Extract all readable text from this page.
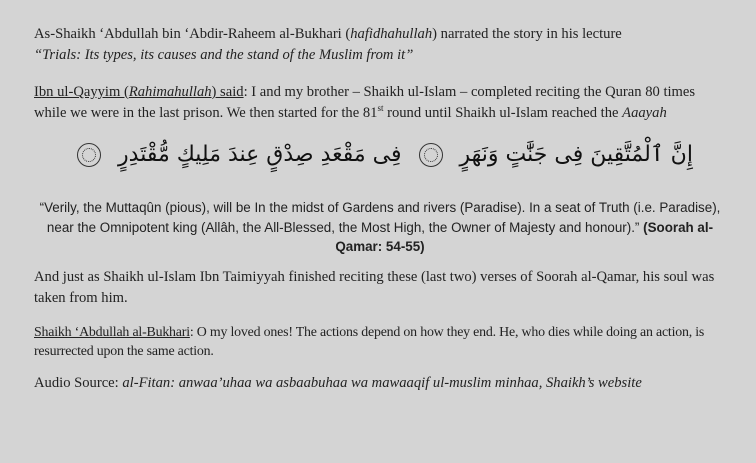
As-Shaikh ‘Abdullah bin ‘Abdir-Raheem al-Bukhari (hafidhahullah) narrated the story in his lecture
“Trials: Its types, its causes and the stand of the Muslim from it”

Ibn ul-Qayyim (Rahimahullah) said: I and my brother – Shaikh ul-Islam – completed reciting the Quran 80 times while we were in the last prison. We then started for the 81st round until Shaikh ul-Islam reached the Aaayah

إِنَّ ٱلْمُتَّقِينَ فِى جَنَّٰتٍ وَنَهَرٍ  فِى مَقْعَدِ صِدْقٍ عِندَ مَلِيكٍ مُّقْتَدِرٍ

“Verily, the Muttaqûn (pious), will be In the midst of Gardens and rivers (Paradise). In a seat of Truth (i.e. Paradise), near the Omnipotent king (Allâh, the All-Blessed, the Most High, the Owner of Majesty and honour).” (Soorah al-Qamar: 54-55)

And just as Shaikh ul-Islam Ibn Taimiyyah finished reciting these (last two) verses of Soorah al-Qamar, his soul was taken from him.

Shaikh ‘Abdullah al-Bukhari: O my loved ones! The actions depend on how they end. He, who dies while doing an action, is resurrected upon the same action.

Audio Source: al-Fitan: anwaa’uhaa wa asbaabuhaa wa mawaaqif ul-muslim minhaa, Shaikh’s website
